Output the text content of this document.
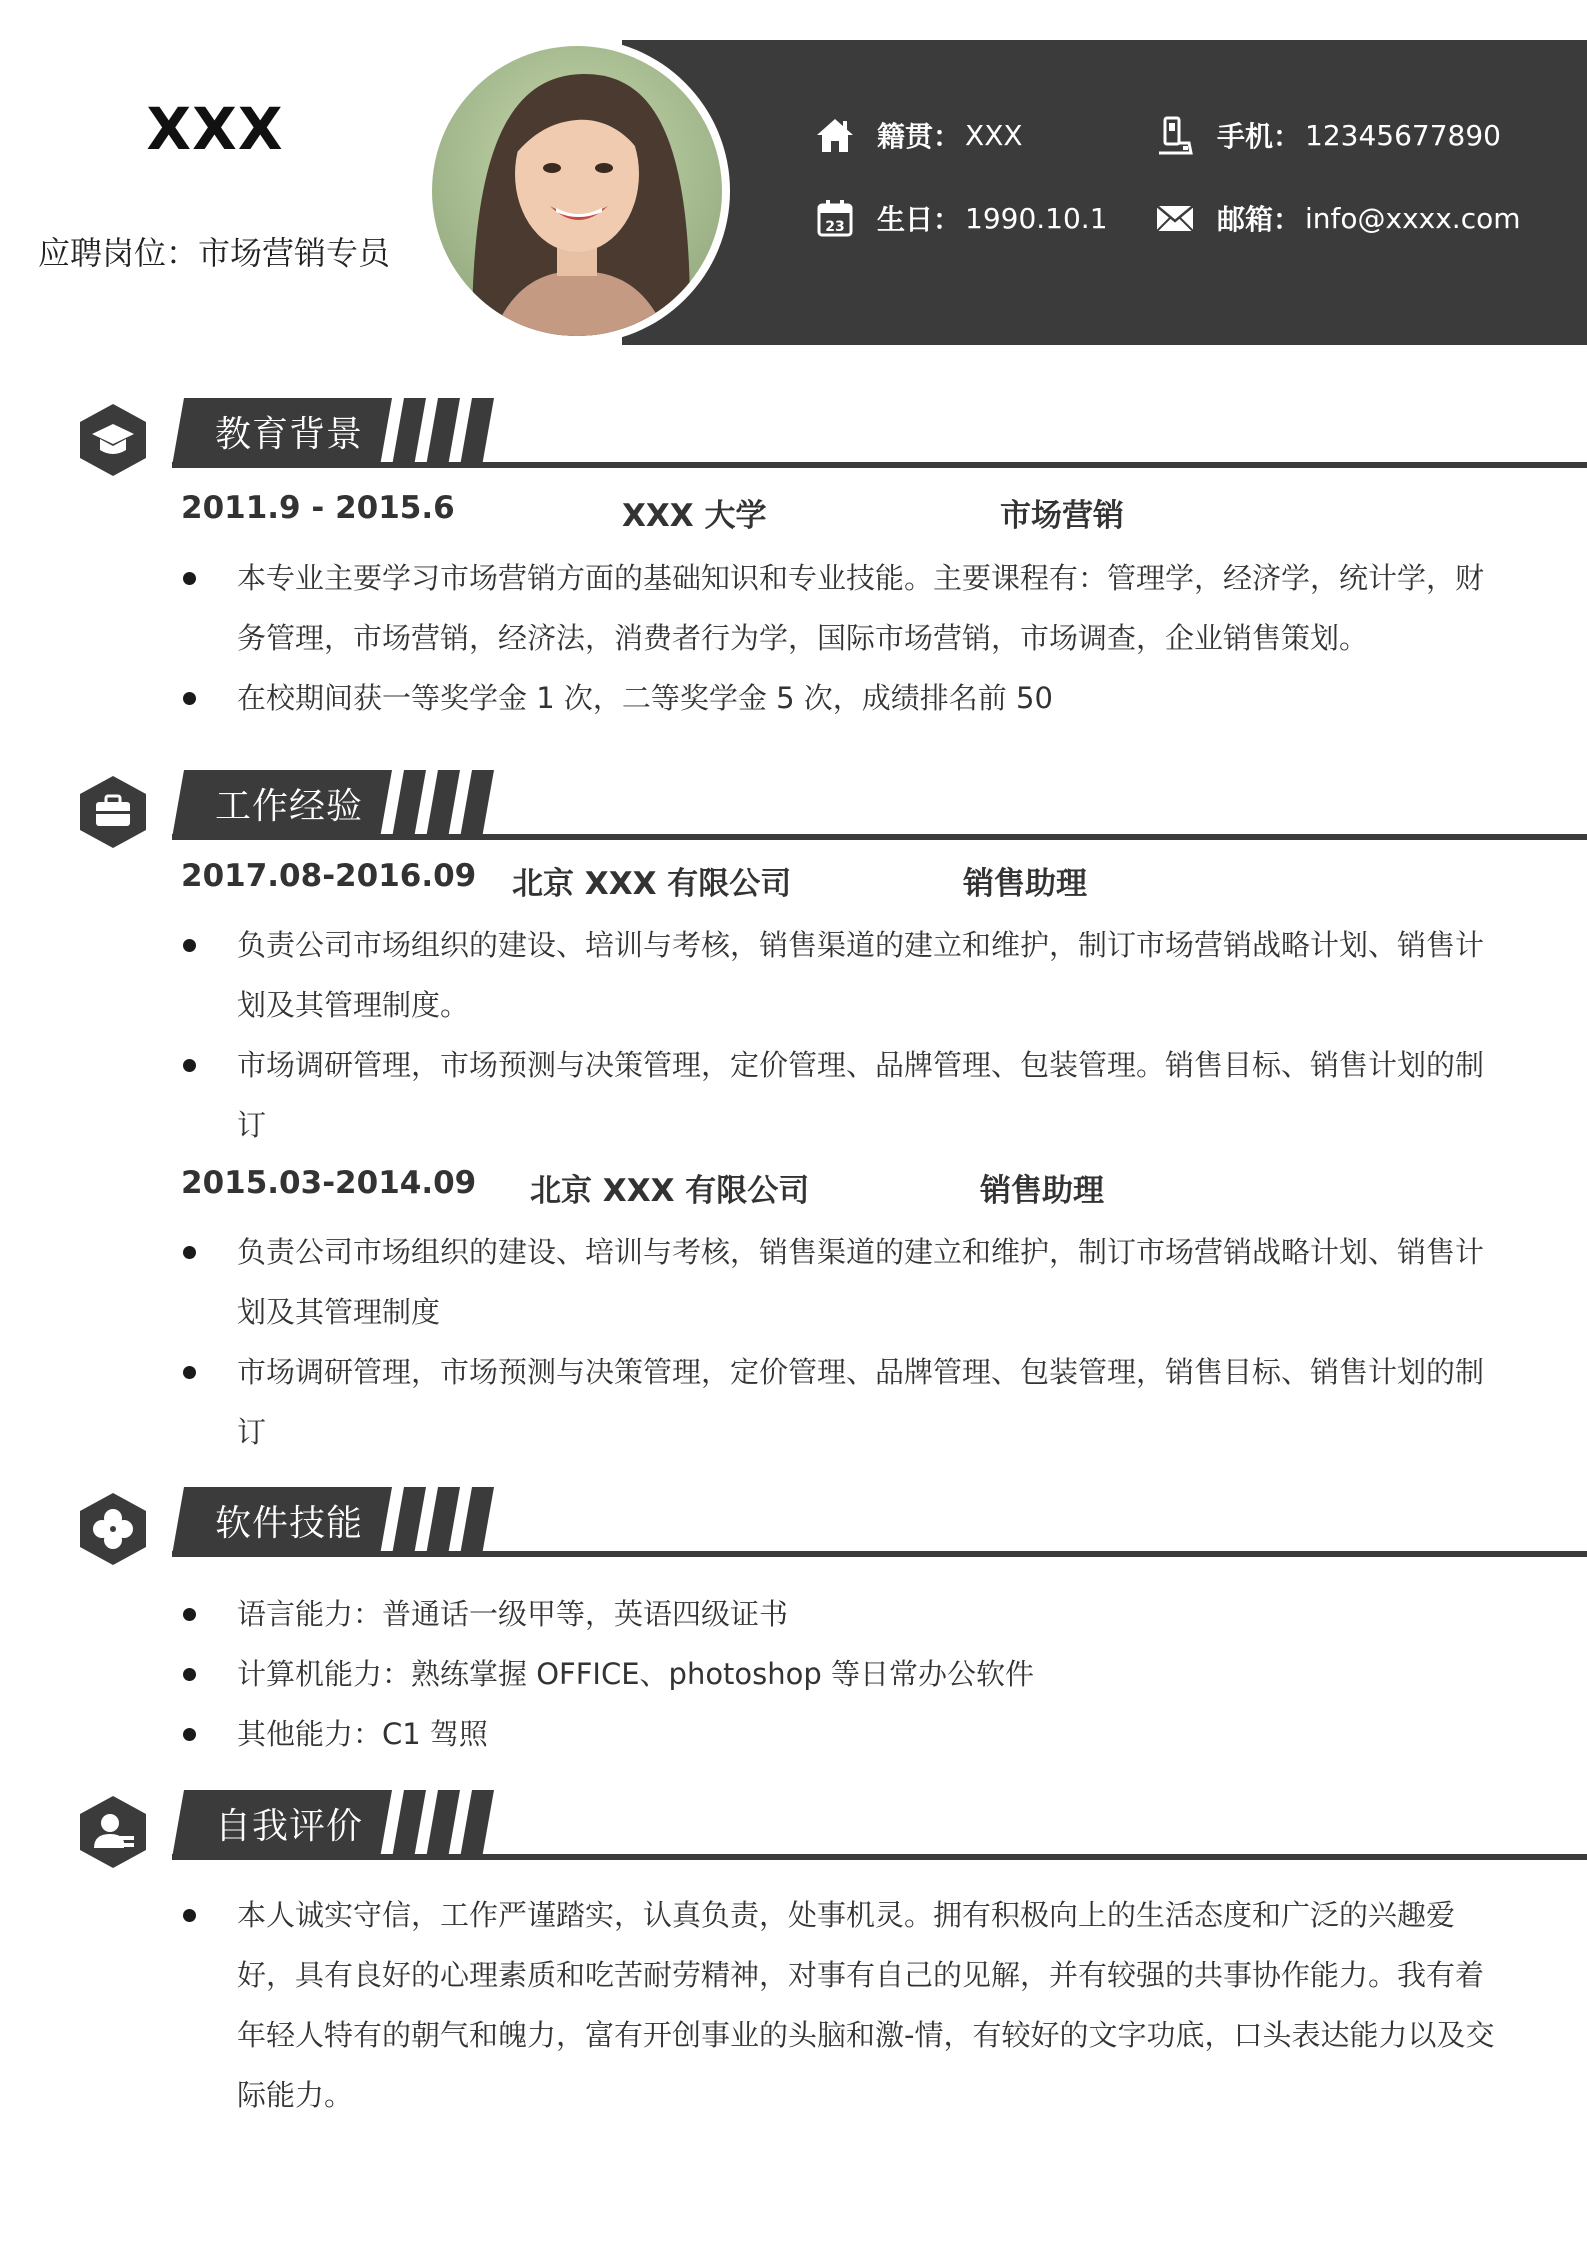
XXX
应聘岗位：市场营销专员
籍贯： XXX	手机： 12345677890
23 生日： 1990.10.1	邮箱： info@xxxx.com
教育背景
2011.9 - 2015.6	XXX 大学	市场营销
本专业主要学习市场营销方面的基础知识和专业技能。主要课程有：管理学，经济学，统计学，财务管理，市场营销，经济法，消费者行为学，国际市场营销，市场调查，企业销售策划。
在校期间获一等奖学金 1 次，二等奖学金 5 次，成绩排名前 50
工作经验
2017.08-2016.09 北京 XXX 有限公司	销售助理
负责公司市场组织的建设、培训与考核，销售渠道的建立和维护，制订市场营销战略计划、销售计划及其管理制度。
市场调研管理，市场预测与决策管理，定价管理、品牌管理、包装管理。销售目标、销售计划的制订
2015.03-2014.09 北京 XXX 有限公司	销售助理
负责公司市场组织的建设、培训与考核，销售渠道的建立和维护，制订市场营销战略计划、销售计划及其管理制度
市场调研管理，市场预测与决策管理，定价管理、品牌管理、包装管理，销售目标、销售计划的制订
软件技能
语言能力：普通话一级甲等，英语四级证书
计算机能力：熟练掌握 OFFICE、photoshop 等日常办公软件
其他能力：C1 驾照
自我评价
本人诚实守信，工作严谨踏实，认真负责，处事机灵。拥有积极向上的生活态度和广泛的兴趣爱好，具有良好的心理素质和吃苦耐劳精神，对事有自己的见解，并有较强的共事协作能力。我有着年轻人特有的朝气和魄力，富有开创事业的头脑和激-情，有较好的文字功底，口头表达能力以及交际能力。
